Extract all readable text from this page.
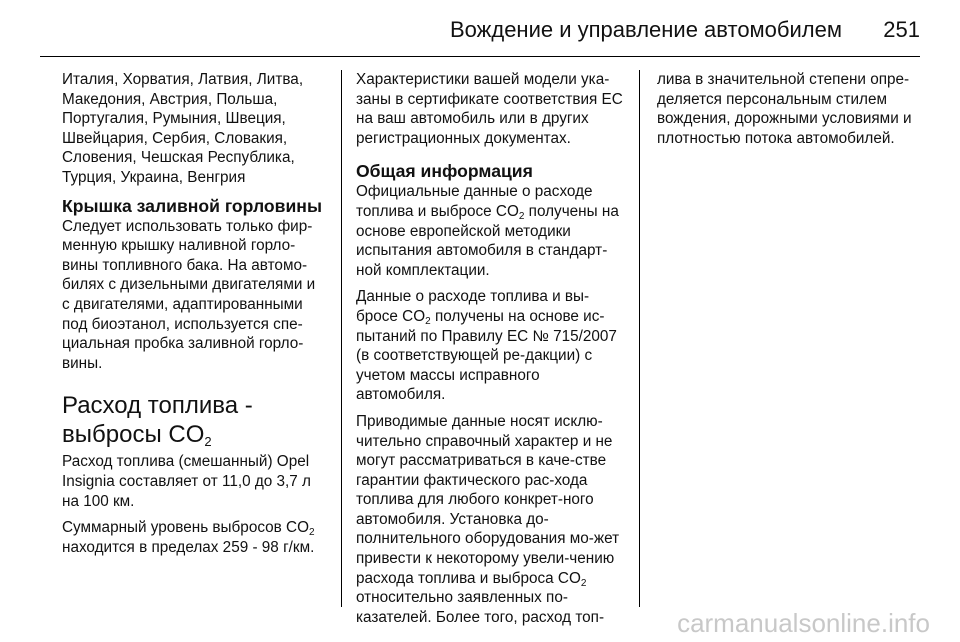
Вождение и управление автомобилем 251

Италия, Хорватия, Латвия, Литва, Македония, Австрия, Польша, Португалия, Румыния, Швеция, Швейцария, Сербия, Словакия, Словения, Чешская Республика, Турция, Украина, Венгрия

Крышка заливной горловины

Следует использовать только фир-менную крышку наливной горло-вины топливного бака. На автомо-билях с дизельными двигателями и с двигателями, адаптированными под биоэтанол, используется спе-циальная пробка заливной горло-вины.

Расход топлива -
выбросы $CO_2$

Расход топлива (смешанный) Opel Insignia составляет от 11,0 до 3,7 л на 100 км.

Суммарный уровень выбросов $CO_2$ находится в пределах 259 - 98 г/км.

Характеристики вашей модели ука-заны в сертификате соответствия ЕС на ваш автомобиль или в других регистрационных документах.

Общая информация

Официальные данные о расходе топлива и выбросе $CO_2$ получены на основе европейской методики испытания автомобиля в стандарт-ной комплектации.

Данные о расходе топлива и вы-бросе $CO_2$ получены на основе ис-пытаний по Правилу ЕС № 715/2007 (в соответствующей ре-дакции) с учетом массы исправного автомобиля.

Приводимые данные носят исклю-чительно справочный характер и не могут рассматриваться в каче-стве гарантии фактического рас-хода топлива для любого конкрет-ного автомобиля. Установка до-полнительного оборудования мо-жет привести к некоторому увели-чению расхода топлива и выброса $CO_2$ относительно заявленных по-казателей. Более того, расход топ-

лива в значительной степени опре-деляется персональным стилем вождения, дорожными условиями и плотностью потока автомобилей.

carmanualsonline.info
